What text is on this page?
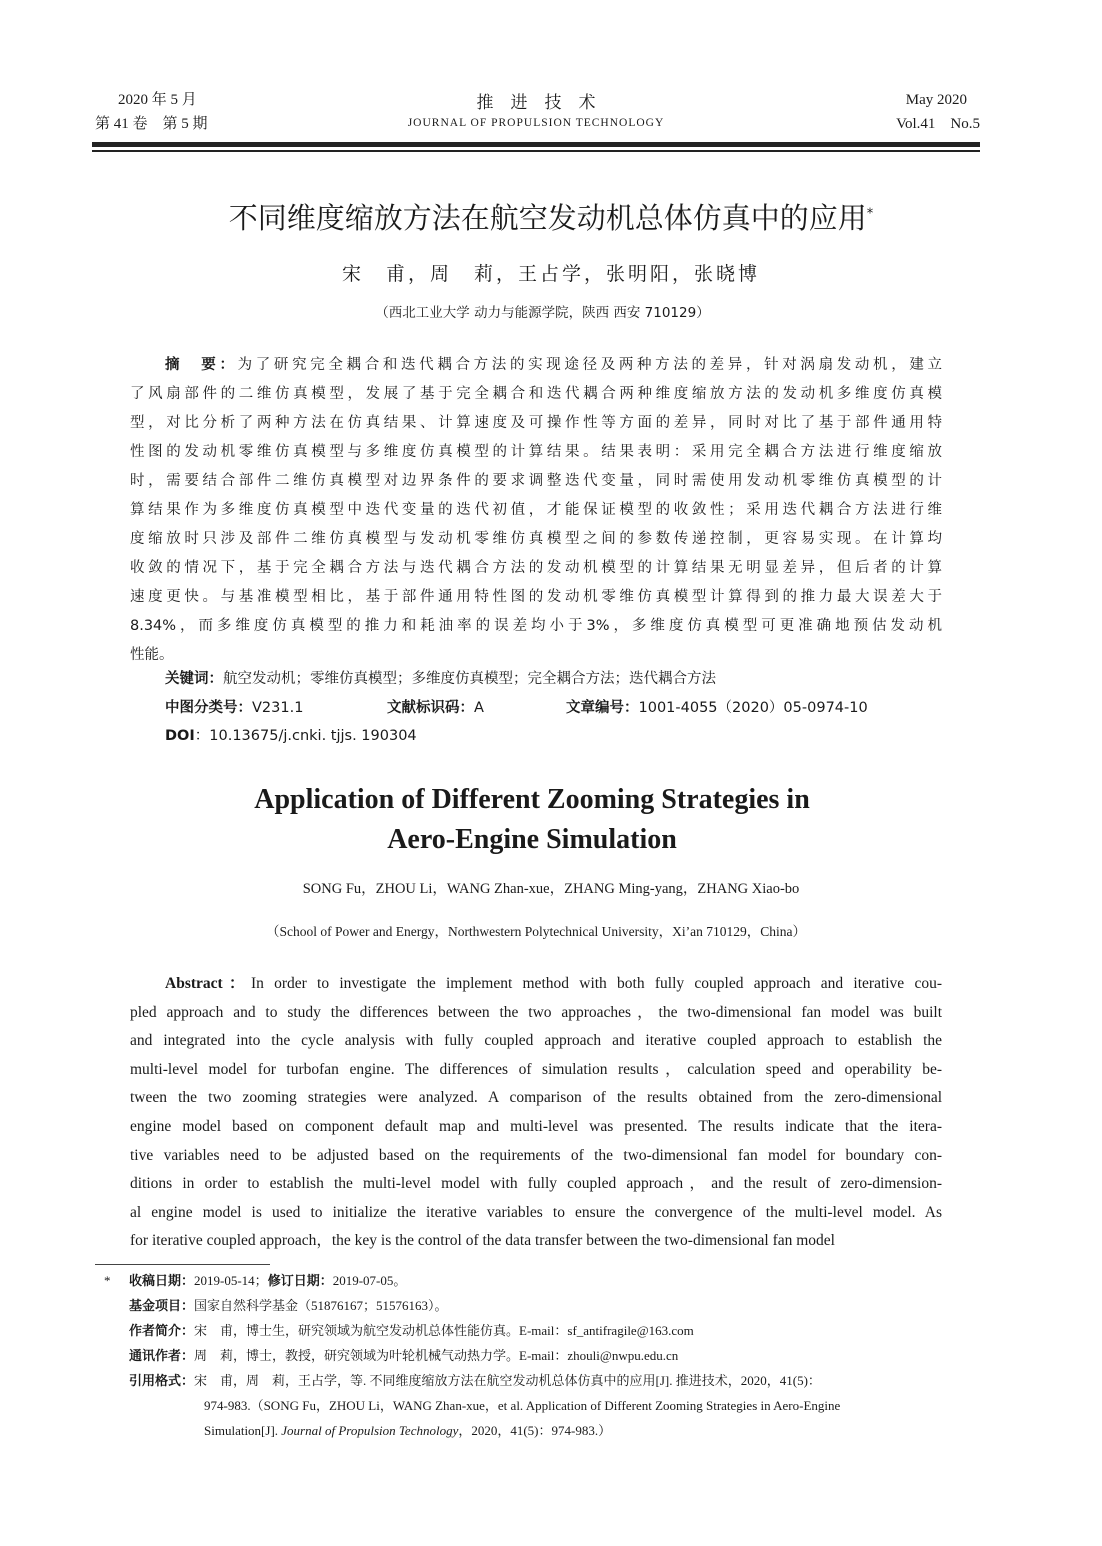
2020 年 5 月
第 41 卷　第 5 期
推　进　技　术
JOURNAL OF PROPULSION TECHNOLOGY
May 2020
Vol.41　No.5
不同维度缩放方法在航空发动机总体仿真中的应用*
宋　甫，周　莉，王占学，张明阳，张晓博
（西北工业大学 动力与能源学院，陕西 西安 710129）
摘　要：为了研究完全耦合和迭代耦合方法的实现途径及两种方法的差异，针对涡扇发动机，建立
了风扇部件的二维仿真模型，发展了基于完全耦合和迭代耦合两种维度缩放方法的发动机多维度仿真模
型，对比分析了两种方法在仿真结果、计算速度及可操作性等方面的差异，同时对比了基于部件通用特
性图的发动机零维仿真模型与多维度仿真模型的计算结果。结果表明：采用完全耦合方法进行维度缩放
时，需要结合部件二维仿真模型对边界条件的要求调整迭代变量，同时需使用发动机零维仿真模型的计
算结果作为多维度仿真模型中迭代变量的迭代初值，才能保证模型的收敛性；采用迭代耦合方法进行维
度缩放时只涉及部件二维仿真模型与发动机零维仿真模型之间的参数传递控制，更容易实现。在计算均
收敛的情况下，基于完全耦合方法与迭代耦合方法的发动机模型的计算结果无明显差异，但后者的计算
速度更快。与基准模型相比，基于部件通用特性图的发动机零维仿真模型计算得到的推力最大误差大于
8.34%，而多维度仿真模型的推力和耗油率的误差均小于3%，多维度仿真模型可更准确地预估发动机
性能。
关键词：航空发动机；零维仿真模型；多维度仿真模型；完全耦合方法；迭代耦合方法
中图分类号：V231.1	文献标识码：A	文章编号：1001-4055（2020）05-0974-10
DOI：10.13675/j.cnki. tjjs. 190304
Application of Different Zooming Strategies in
Aero-Engine Simulation
SONG Fu，ZHOU Li，WANG Zhan-xue，ZHANG Ming-yang，ZHANG Xiao-bo
（School of Power and Energy，Northwestern Polytechnical University，Xi’an 710129，China）
Abstract：In order to investigate the implement method with both fully coupled approach and iterative cou-
pled approach and to study the differences between the two approaches，the two-dimensional fan model was built
and integrated into the cycle analysis with fully coupled approach and iterative coupled approach to establish the
multi-level model for turbofan engine. The differences of simulation results，calculation speed and operability be-
tween the two zooming strategies were analyzed. A comparison of the results obtained from the zero-dimensional
engine model based on component default map and multi-level was presented. The results indicate that the itera-
tive variables need to be adjusted based on the requirements of the two-dimensional fan model for boundary con-
ditions in order to establish the multi-level model with fully coupled approach，and the result of zero-dimension-
al engine model is used to initialize the iterative variables to ensure the convergence of the multi-level model. As
for iterative coupled approach，the key is the control of the data transfer between the two-dimensional fan model
* 收稿日期：2019-05-14；修订日期：2019-07-05。
基金项目：国家自然科学基金（51876167；51576163）。
作者简介：宋　甫，博士生，研究领域为航空发动机总体性能仿真。E-mail：sf_antifragile@163.com
通讯作者：周　莉，博士，教授，研究领域为叶轮机械气动热力学。E-mail：zhouli@nwpu.edu.cn
引用格式：宋　甫，周　莉，王占学，等. 不同维度缩放方法在航空发动机总体仿真中的应用[J]. 推进技术，2020，41(5)：
974-983.（SONG Fu，ZHOU Li，WANG Zhan-xue，et al. Application of Different Zooming Strategies in Aero-Engine
Simulation[J]. Journal of Propulsion Technology，2020，41(5)：974-983.）
